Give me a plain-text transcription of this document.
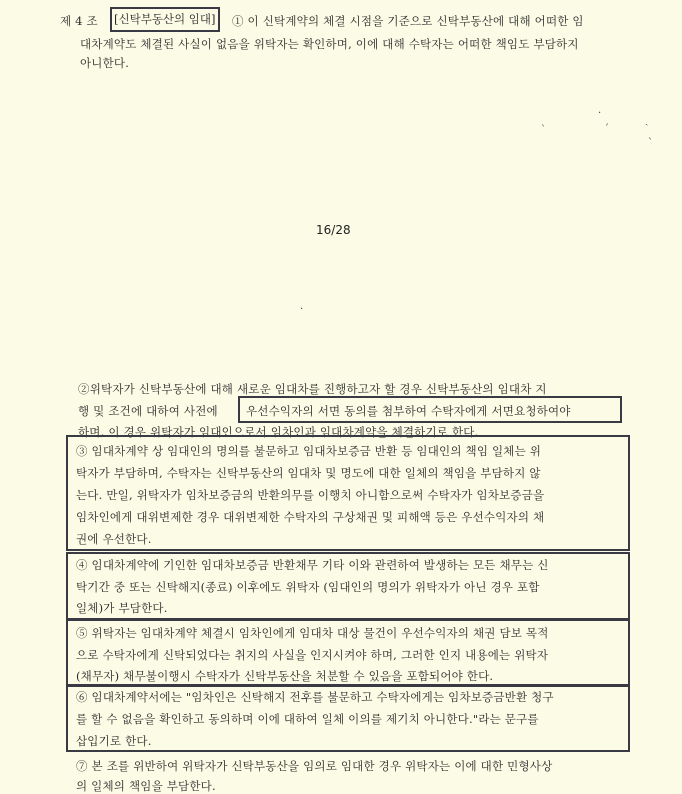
제 4 조	[신탁부동산의 임대]	① 이 신탁계약의 체결 시점을 기준으로 신탁부동산에 대해 어떠한 임
대차계약도 체결된 사실이 없음을 위탁자는 확인하며, 이에 대해 수탁자는 어떠한 책임도 부담하지
아니한다.
ˋ
·
ˊ
ˎ
ˋ
·
16/28
②위탁자가 신탁부동산에 대해 새로운 임대차를 진행하고자 할 경우 신탁부동산의 임대차 지
행 및 조건에 대하여 사전에 우선수익자의 서면 동의를 첨부하여 수탁자에게 서면요청하여야
하며, 이 경우 위탁자가 임대인으로서 임차인과 임대차계약을 체결하기로 한다.
③ 임대차계약 상 임대인의 명의를 불문하고 임대차보증금 반환 등 임대인의 책임 일체는 위
탁자가 부담하며, 수탁자는 신탁부동산의 임대차 및 명도에 대한 일체의 책임을 부담하지 않
는다. 만일, 위탁자가 임차보증금의 반환의무를 이행치 아니함으로써 수탁자가 임차보증금을
임차인에게 대위변제한 경우 대위변제한 수탁자의 구상채권 및 피해액 등은 우선수익자의 채
권에 우선한다.
④ 임대차계약에 기인한 임대차보증금 반환채무 기타 이와 관련하여 발생하는 모든 채무는 신
탁기간 중 또는 신탁해지(종료) 이후에도 위탁자 (임대인의 명의가 위탁자가 아닌 경우 포함
일체)가 부담한다.
⑤ 위탁자는 임대차계약 체결시 임차인에게 임대차 대상 물건이 우선수익자의 채권 담보 목적
으로 수탁자에게 신탁되었다는 취지의 사실을 인지시켜야 하며, 그러한 인지 내용에는 위탁자
(채무자) 채무불이행시 수탁자가 신탁부동산을 처분할 수 있음을 포함되어야 한다.
⑥ 임대차계약서에는 "임차인은 신탁해지 전후를 불문하고 수탁자에게는 임차보증금반환 청구
를 할 수 없음을 확인하고 동의하며 이에 대하여 일체 이의를 제기치 아니한다."라는 문구를
삽입기로 한다.
⑦ 본 조를 위반하여 위탁자가 신탁부동산을 임의로 임대한 경우 위탁자는 이에 대한 민형사상
의 일체의 책임을 부담한다.
